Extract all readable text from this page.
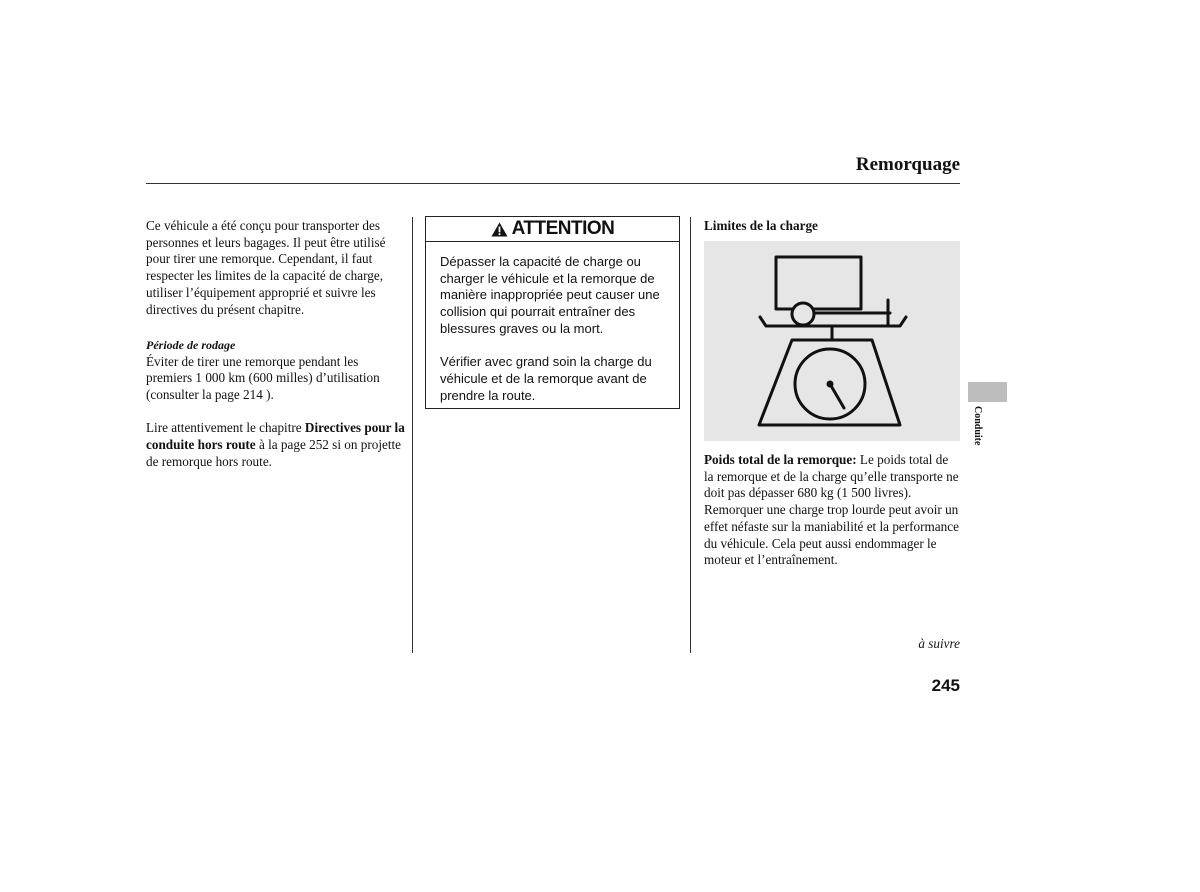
Remorquage

Ce véhicule a été conçu pour transporter des personnes et leurs bagages. Il peut être utilisé pour tirer une remorque. Cependant, il faut respecter les limites de la capacité de charge, utiliser l’équipement approprié et suivre les directives du présent chapitre.

Période de rodage

Éviter de tirer une remorque pendant les premiers 1 000 km (600 milles) d’utilisation (consulter la page 214 ).

Lire attentivement le chapitre Directives pour la conduite hors route à la page 252 si on projette de remorque hors route.

ATTENTION

Dépasser la capacité de charge ou charger le véhicule et la remorque de manière inappropriée peut causer une collision qui pourrait entraîner des blessures graves ou la mort.

Vérifier avec grand soin la charge du véhicule et de la remorque avant de prendre la route.

Limites de la charge

Poids total de la remorque: Le poids total de la remorque et de la charge qu’elle transporte ne doit pas dépasser 680 kg (1 500 livres). Remorquer une charge trop lourde peut avoir un effet néfaste sur la maniabilité et la performance du véhicule. Cela peut aussi endommager le moteur et l’entraînement.

à suivre
245
Conduite
